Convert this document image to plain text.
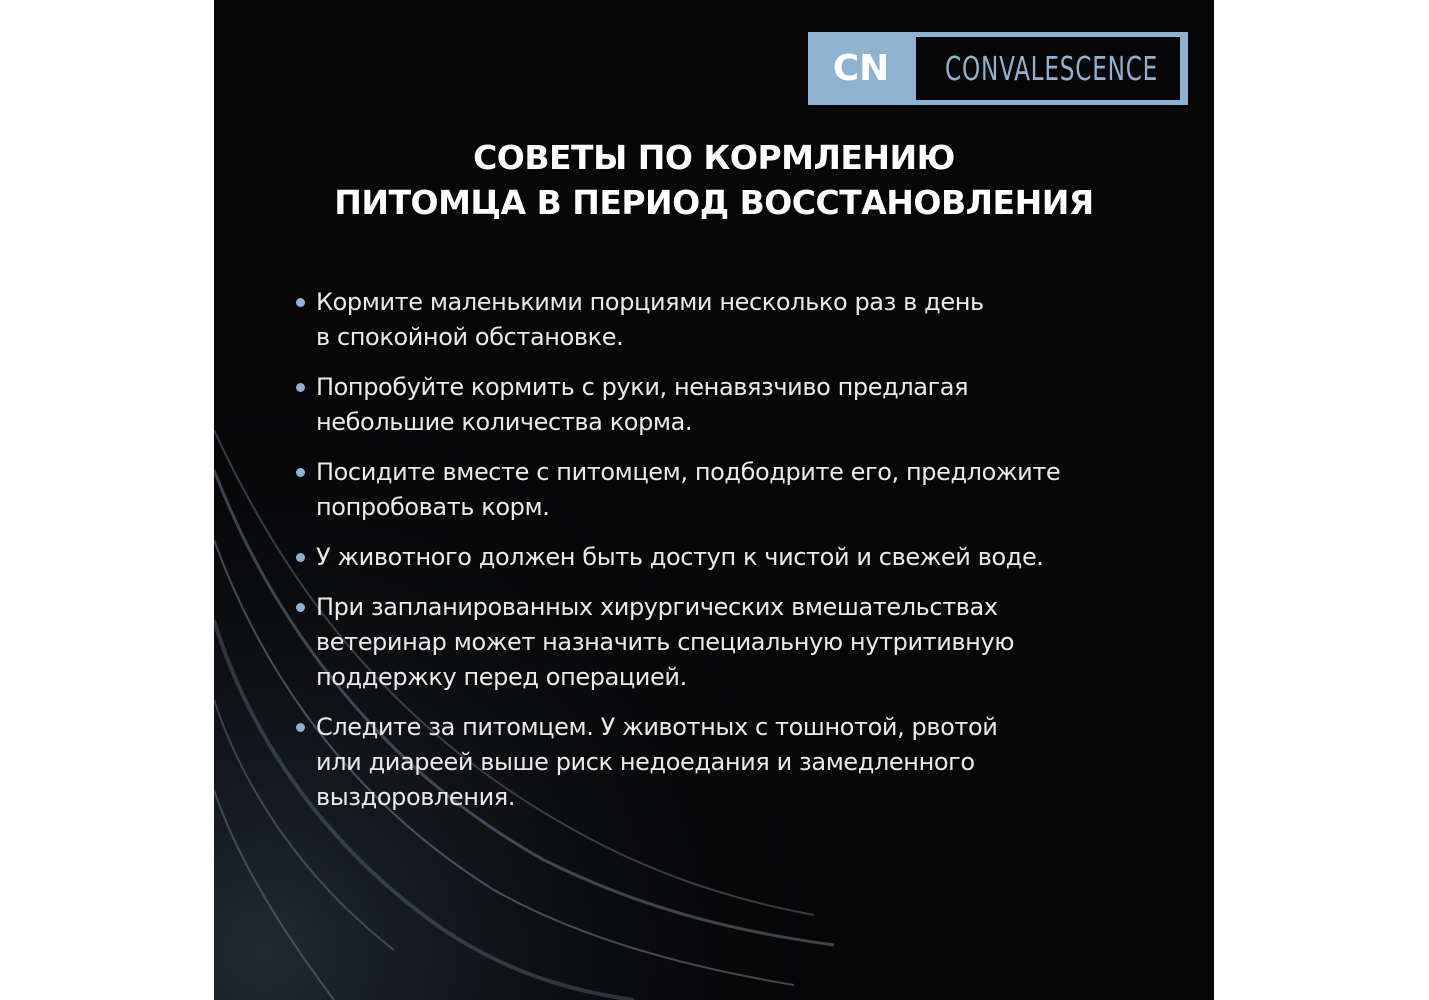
CN	CONVALESCENCE
СОВЕТЫ ПО КОРМЛЕНИЮ
ПИТОМЦА В ПЕРИОД ВОССТАНОВЛЕНИЯ
Кормите маленькими порциями несколько раз в день
в спокойной обстановке.
Попробуйте кормить с руки, ненавязчиво предлагая
небольшие количества корма.
Посидите вместе с питомцем, подбодрите его, предложите
попробовать корм.
У животного должен быть доступ к чистой и свежей воде.
При запланированных хирургических вмешательствах
ветеринар может назначить специальную нутритивную
поддержку перед операцией.
Следите за питомцем. У животных с тошнотой, рвотой
или диареей выше риск недоедания и замедленного
выздоровления.
